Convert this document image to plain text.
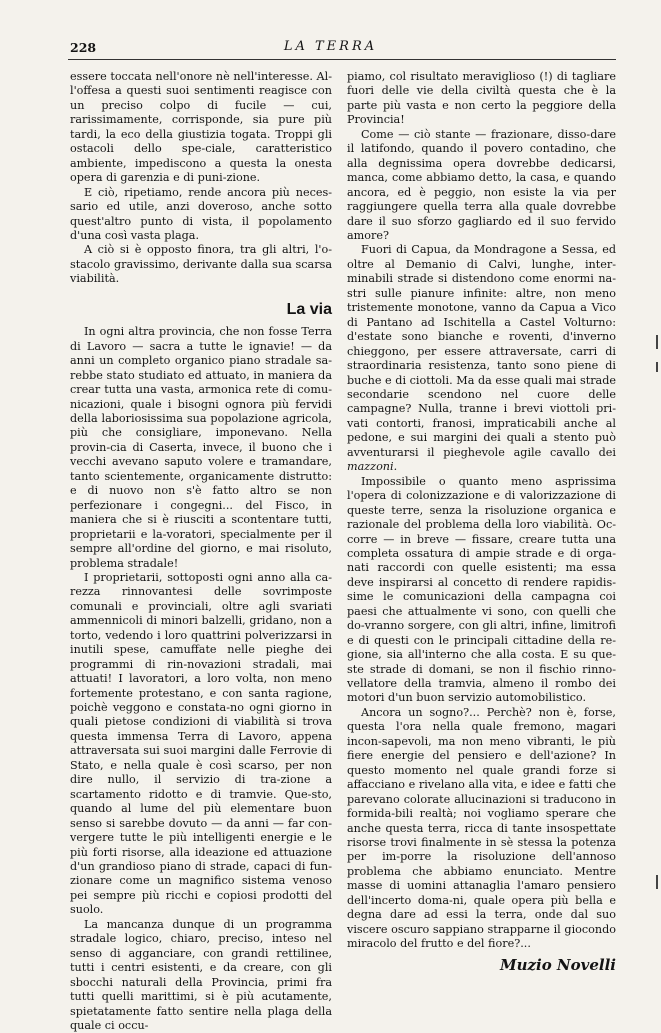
228	LA TERRA

essere toccata nell'onore nè nell'interesse. Al-l'offesa a questi suoi sentimenti reagisce con un preciso colpo di fucile — cui, rarissimamente, corrisponde, sia pure più tardi, la eco della giustizia togata. Troppi gli ostacoli dello spe-ciale, caratteristico ambiente, impediscono a questa la onesta opera di garenzia e di puni-zione.

E ciò, ripetiamo, rende ancora più neces-sario ed utile, anzi doveroso, anche sotto quest'altro punto di vista, il popolamento d'una così vasta plaga.

A ciò si è opposto finora, tra gli altri, l'o-stacolo gravissimo, derivante dalla sua scarsa viabilità.

La via

In ogni altra provincia, che non fosse Terra di Lavoro — sacra a tutte le ignavie! — da anni un completo organico piano stradale sa-rebbe stato studiato ed attuato, in maniera da crear tutta una vasta, armonica rete di comu-nicazioni, quale i bisogni ognora più fervidi della laboriosissima sua popolazione agricola, più che consigliare, imponevano. Nella provin-cia di Caserta, invece, il buono che i vecchi avevano saputo volere e tramandare, tanto scientemente, organicamente distrutto: e di nuovo non s'è fatto altro se non perfezionare i congegni... del Fisco, in maniera che si è riusciti a scontentare tutti, proprietarii e la-voratori, specialmente per il sempre all'ordine del giorno, e mai risoluto, problema stradale!

I proprietarii, sottoposti ogni anno alla ca-rezza rinnovantesi delle sovrimposte comunali e provinciali, oltre agli svariati ammennicoli di minori balzelli, gridano, non a torto, vedendo i loro quattrini polverizzarsi in inutili spese, camuffate nelle pieghe dei programmi di rin-novazioni stradali, mai attuati! I lavoratori, a loro volta, non meno fortemente protestano, e con santa ragione, poichè veggono e constata-no ogni giorno in quali pietose condizioni di viabilità si trova questa immensa Terra di Lavoro, appena attraversata sui suoi margini dalle Ferrovie di Stato, e nella quale è così scarso, per non dire nullo, il servizio di tra-zione a scartamento ridotto e di tramvie. Que-sto, quando al lume del più elementare buon senso si sarebbe dovuto — da anni — far con-vergere tutte le più intelligenti energie e le più forti risorse, alla ideazione ed attuazione d'un grandioso piano di strade, capaci di fun-zionare come un magnifico sistema venoso pei sempre più ricchi e copiosi prodotti del suolo.

La mancanza dunque di un programma stradale logico, chiaro, preciso, inteso nel senso di agganciare, con grandi rettilinee, tutti i centri esistenti, e da creare, con gli sbocchi naturali della Provincia, primi fra tutti quelli marittimi, si è più acutamente, spietatamente fatto sentire nella plaga della quale ci occu-

piamo, col risultato meraviglioso (!) di tagliare fuori delle vie della civiltà questa che è la parte più vasta e non certo la peggiore della Provincia!

Come — ciò stante — frazionare, disso-dare il latifondo, quando il povero contadino, che alla degnissima opera dovrebbe dedicarsi, manca, come abbiamo detto, la casa, e quando ancora, ed è peggio, non esiste la via per raggiungere quella terra alla quale dovrebbe dare il suo sforzo gagliardo ed il suo fervido amore?

Fuori di Capua, da Mondragone a Sessa, ed oltre al Demanio di Calvi, lunghe, inter-minabili strade si distendono come enormi na-stri sulle pianure infinite: altre, non meno tristemente monotone, vanno da Capua a Vico di Pantano ad Ischitella a Castel Volturno: d'estate sono bianche e roventi, d'inverno chieggono, per essere attraversate, carri di straordinaria resistenza, tanto sono piene di buche e di ciottoli. Ma da esse quali mai strade secondarie scendono nel cuore delle campagne? Nulla, tranne i brevi viottoli pri-vati contorti, franosi, impraticabili anche al pedone, e sui margini dei quali a stento può avventurarsi il pieghevole agile cavallo dei mazzoni.

Impossibile o quanto meno asprissima l'opera di colonizzazione e di valorizzazione di queste terre, senza la risoluzione organica e razionale del problema della loro viabilità. Oc-corre — in breve — fissare, creare tutta una completa ossatura di ampie strade e di orga-nati raccordi con quelle esistenti; ma essa deve inspirarsi al concetto di rendere rapidis-sime le comunicazioni della campagna coi paesi che attualmente vi sono, con quelli che do-vranno sorgere, con gli altri, infine, limitrofi e di questi con le principali cittadine della re-gione, sia all'interno che alla costa. E su que-ste strade di domani, se non il fischio rinno-vellatore della tramvia, almeno il rombo dei motori d'un buon servizio automobilistico.

Ancora un sogno?... Perchè? non è, forse, questa l'ora nella quale fremono, magari incon-sapevoli, ma non meno vibranti, le più fiere energie del pensiero e dell'azione? In questo momento nel quale grandi forze si affacciano e rivelano alla vita, e idee e fatti che parevano colorate allucinazioni si traducono in formida-bili realtà; noi vogliamo sperare che anche questa terra, ricca di tante insospettate risorse trovi finalmente in sè stessa la potenza per im-porre la risoluzione dell'annoso problema che abbiamo enunciato. Mentre masse di uomini attanaglia l'amaro pensiero dell'incerto doma-ni, quale opera più bella e degna dare ad essi la terra, onde dal suo viscere oscuro sappiano strapparne il giocondo miracolo del frutto e del fiore?...

Muzio Novelli
